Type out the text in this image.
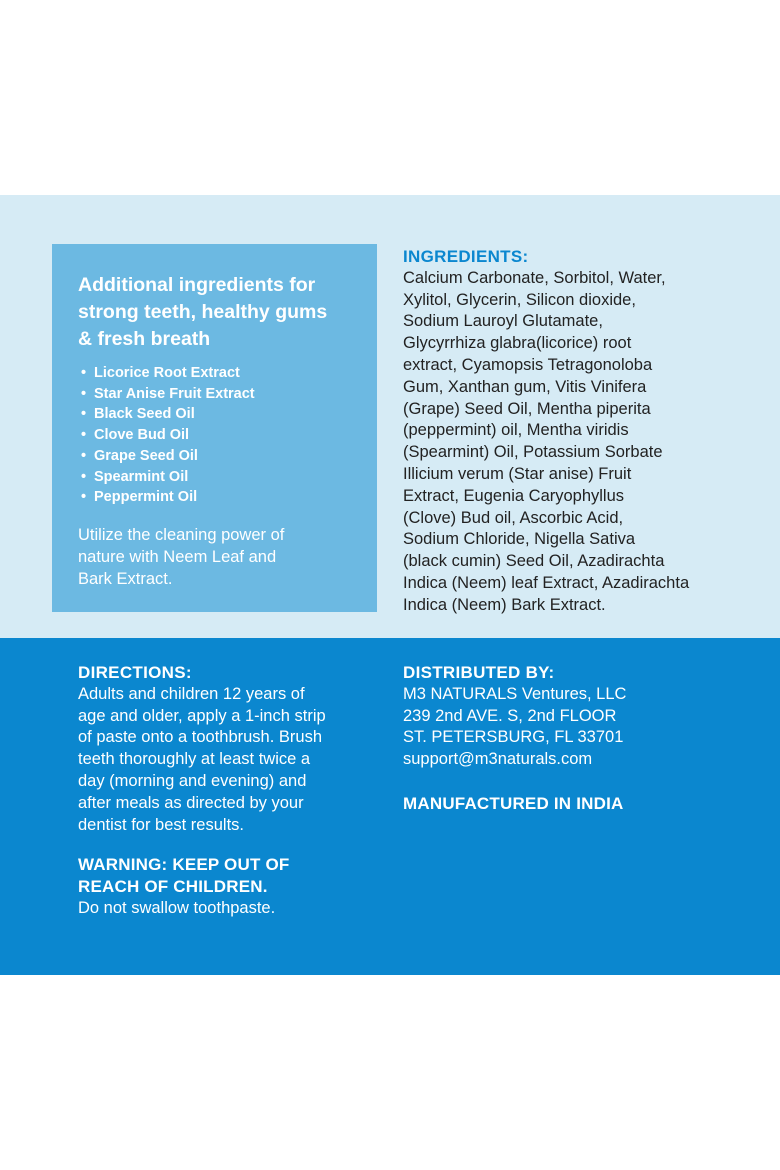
Additional ingredients for
strong teeth, healthy gums
& fresh breath
• Licorice Root Extract
• Star Anise Fruit Extract
• Black Seed Oil
• Clove Bud Oil
• Grape Seed Oil
• Spearmint Oil
• Peppermint Oil
Utilize the cleaning power of
nature with Neem Leaf and
Bark Extract.

INGREDIENTS:

Calcium Carbonate, Sorbitol, Water,
Xylitol, Glycerin, Silicon dioxide,
Sodium Lauroyl Glutamate,
Glycyrrhiza glabra(licorice) root
extract, Cyamopsis Tetragonoloba
Gum, Xanthan gum, Vitis Vinifera
(Grape) Seed Oil, Mentha piperita
(peppermint) oil, Mentha viridis
(Spearmint) Oil, Potassium Sorbate
Illicium verum (Star anise) Fruit
Extract, Eugenia Caryophyllus
(Clove) Bud oil, Ascorbic Acid,
Sodium Chloride, Nigella Sativa
(black cumin) Seed Oil, Azadirachta
Indica (Neem) leaf Extract, Azadirachta
Indica (Neem) Bark Extract.

DIRECTIONS:

Adults and children 12 years of
age and older, apply a 1-inch strip
of paste onto a toothbrush. Brush
teeth thoroughly at least twice a
day (morning and evening) and
after meals as directed by your
dentist for best results.
WARNING: KEEP OUT OF
REACH OF CHILDREN.

Do not swallow toothpaste.

DISTRIBUTED BY:

M3 NATURALS Ventures, LLC

239 2nd AVE. S, 2nd FLOOR

ST. PETERSBURG, FL 33701

support@m3naturals.com

MANUFACTURED IN INDIA
